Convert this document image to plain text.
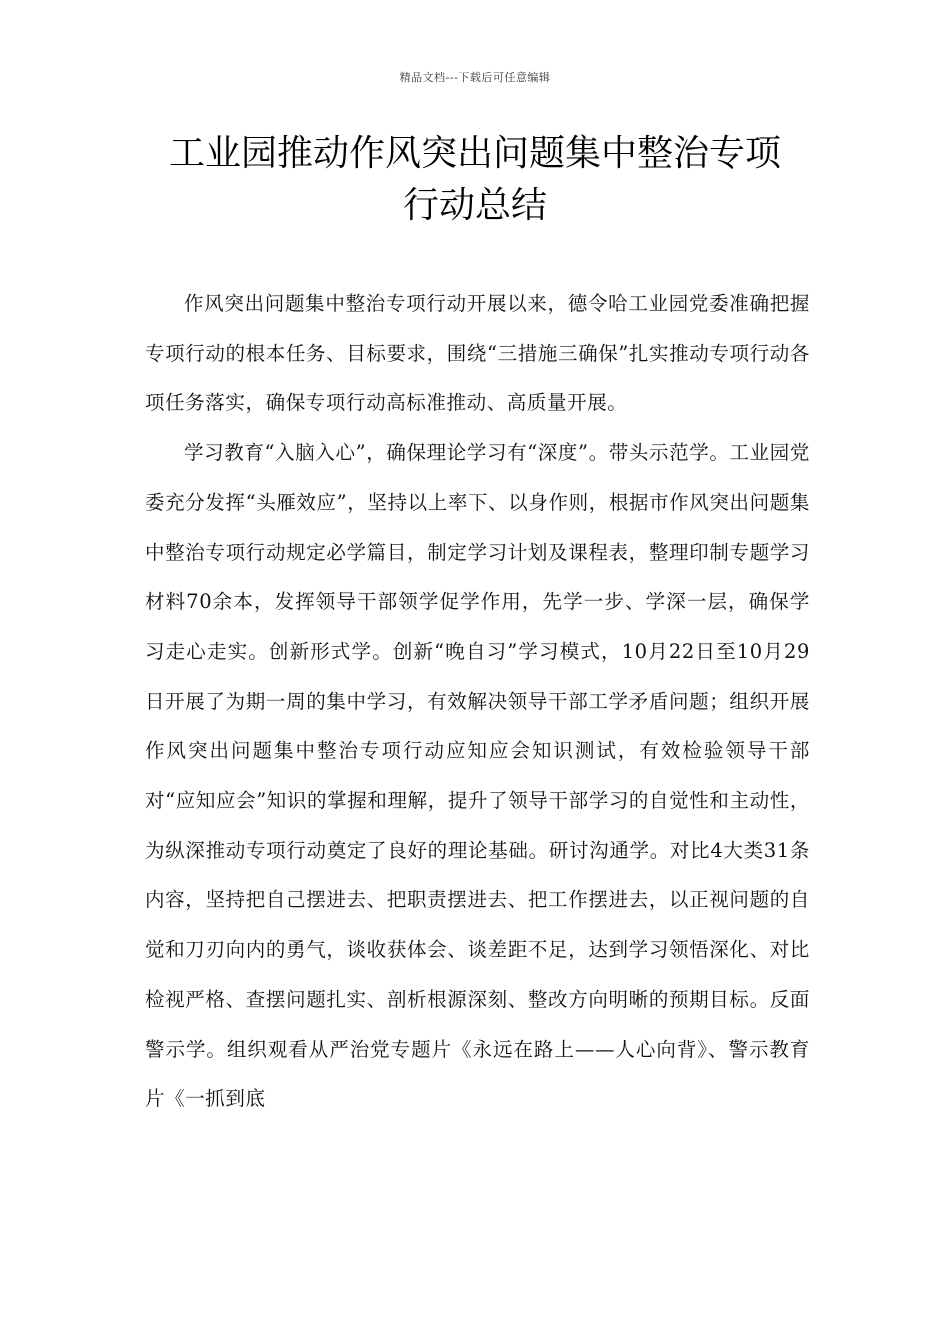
精品文档---下载后可任意编辑
工业园推动作风突出问题集中整治专项
行动总结

作风突出问题集中整治专项行动开展以来，德令哈工业园党委准确把握专项行动的根本任务、目标要求，围绕“三措施三确保”扎实推动专项行动各项任务落实，确保专项行动高标准推动、高质量开展。

学习教育“入脑入心”，确保理论学习有“深度”。带头示范学。工业园党委充分发挥“头雁效应”，坚持以上率下、以身作则，根据市作风突出问题集中整治专项行动规定必学篇目，制定学习计划及课程表，整理印制专题学习材料70余本，发挥领导干部领学促学作用，先学一步、学深一层，确保学习走心走实。创新形式学。创新“晚自习”学习模式，10月22日至10月29日开展了为期一周的集中学习，有效解决领导干部工学矛盾问题；组织开展作风突出问题集中整治专项行动应知应会知识测试，有效检验领导干部对“应知应会”知识的掌握和理解，提升了领导干部学习的自觉性和主动性，为纵深推动专项行动奠定了良好的理论基础。研讨沟通学。对比4大类31条内容，坚持把自己摆进去、把职责摆进去、把工作摆进去，以正视问题的自觉和刀刃向内的勇气，谈收获体会、谈差距不足，达到学习领悟深化、对比检视严格、查摆问题扎实、剖析根源深刻、整改方向明晰的预期目标。反面警示学。组织观看从严治党专题片《永远在路上——人心向背》、警示教育片《一抓到底
